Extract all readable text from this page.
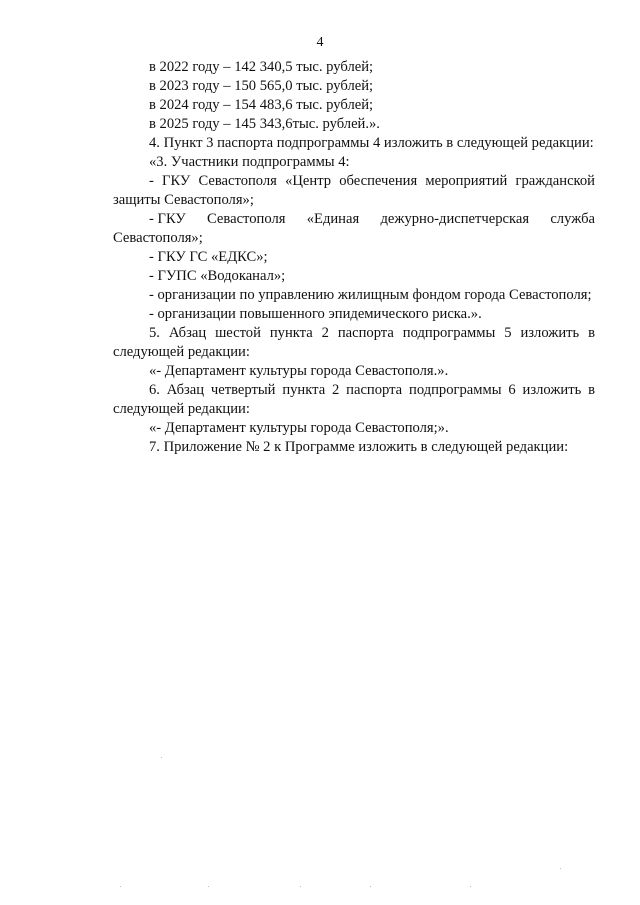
4

в 2022 году – 142 340,5 тыс. рублей;

в 2023 году – 150 565,0 тыс. рублей;

в 2024 году – 154 483,6 тыс. рублей;

в 2025 году – 145 343,6тыс. рублей.».

4. Пункт 3 паспорта подпрограммы 4 изложить в следующей редакции:

«3. Участники подпрограммы 4:

- ГКУ Севастополя «Центр обеспечения мероприятий гражданской защиты Севастополя»;

- ГКУ Севастополя «Единая дежурно-диспетчерская служба

Севастополя»;

- ГКУ ГС «ЕДКС»;

- ГУПС «Водоканал»;

- организации по управлению жилищным фондом города Севастополя;

- организации повышенного эпидемического риска.».

5. Абзац шестой пункта 2 паспорта подпрограммы 5 изложить в следующей редакции:

«- Департамент культуры города Севастополя.».

6. Абзац четвертый пункта 2 паспорта подпрограммы 6 изложить в следующей редакции:

«- Департамент культуры города Севастополя;».

7. Приложение № 2 к Программе изложить в следующей редакции:
